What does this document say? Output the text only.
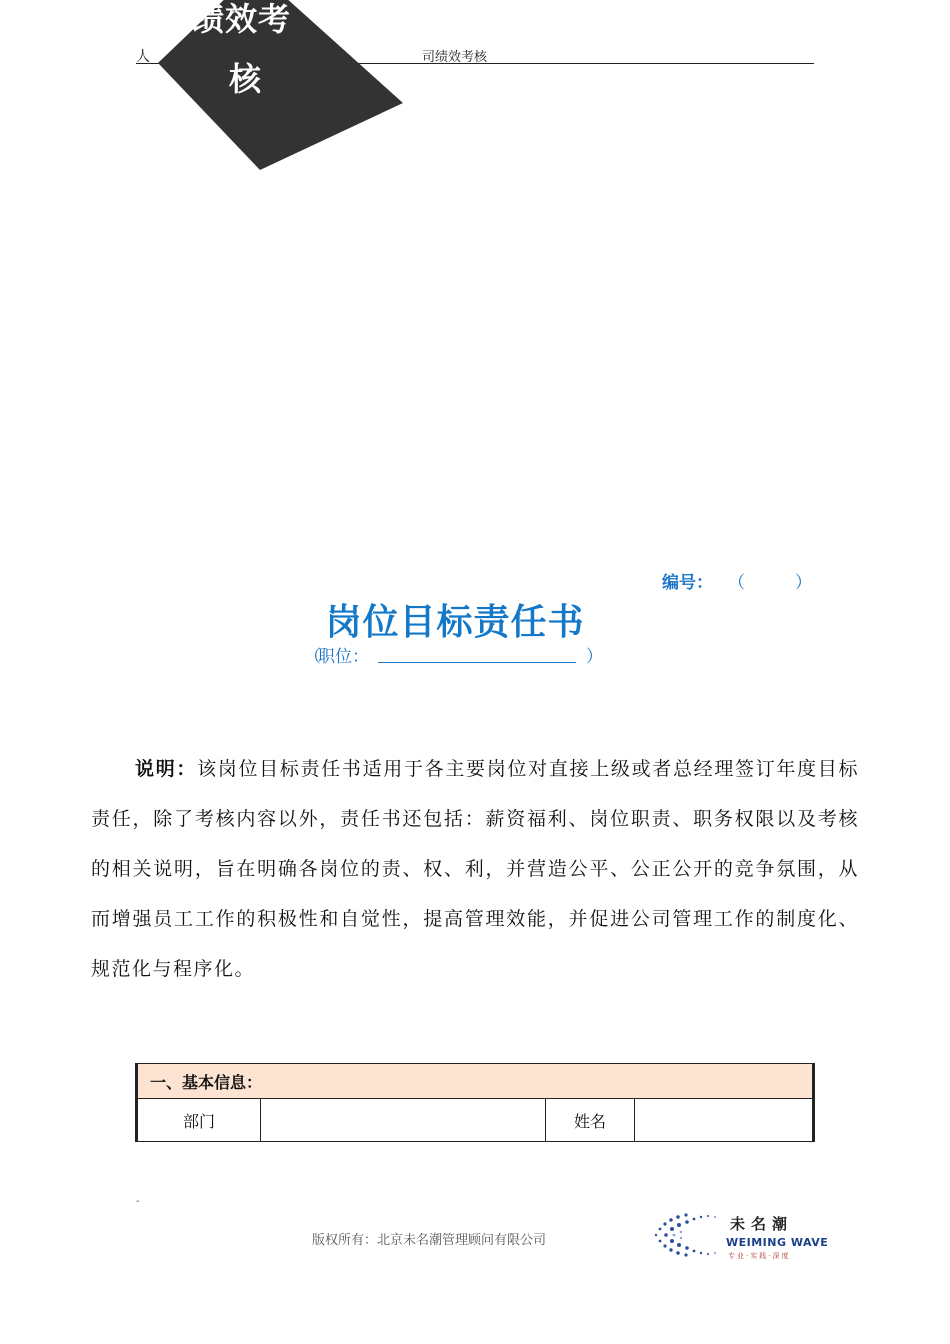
人	司绩效考核
绩效考
核
编号： （	）
岗位目标责任书
（
职位：	）
说明：该岗位目标责任书适用于各主要岗位对直接上级或者总经理签订年度目标责任，除了考核内容以外，责任书还包括：薪资福利、岗位职责、职务权限以及考核的相关说明，旨在明确各岗位的责、权、利，并营造公平、公正公开的竞争氛围，从而增强员工工作的积极性和自觉性，提高管理效能，并促进公司管理工作的制度化、规范化与程序化。
一、基本信息：
部门		姓名	
-
版权所有：北京未名潮管理顾问有限公司
未名潮
WEIMING WAVE
专业·实践·深度
